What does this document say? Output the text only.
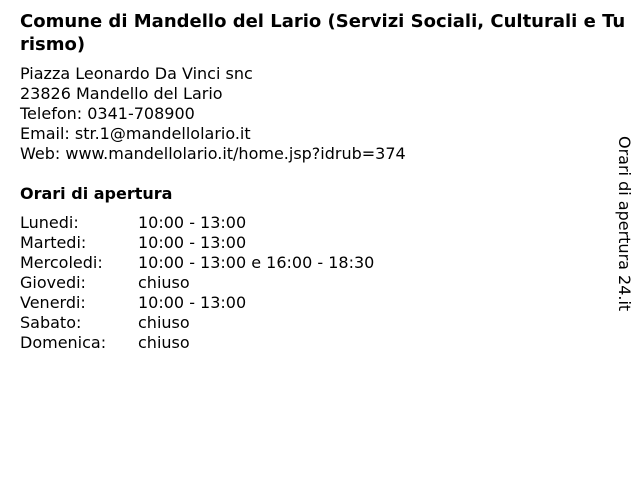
Comune di Mandello del Lario (Servizi Sociali, Culturali e Turismo)
Piazza Leonardo Da Vinci snc
23826 Mandello del Lario
Telefon: 0341-708900
Email: str.1@mandellolario.it
Web: www.mandellolario.it/home.jsp?idrub=374
Orari di apertura
Lunedi:	10:00 - 13:00
Martedi:	10:00 - 13:00
Mercoledi:	10:00 - 13:00 e 16:00 - 18:30
Giovedi:	chiuso
Venerdi:	10:00 - 13:00
Sabato:	chiuso
Domenica:	chiuso
Orari di apertura 24.it
